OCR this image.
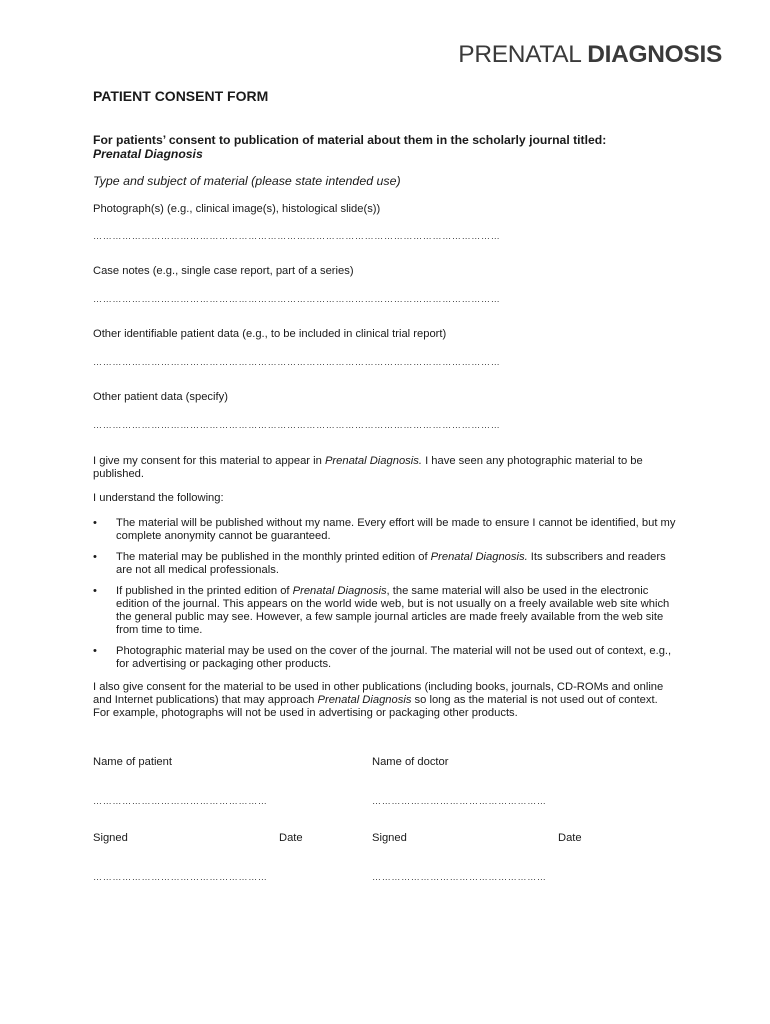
PRENATAL DIAGNOSIS
PATIENT CONSENT FORM
For patients’ consent to publication of material about them in the scholarly journal titled:
Prenatal Diagnosis
Type and subject of material (please state intended use)
Photograph(s) (e.g., clinical image(s), histological slide(s))
………………………………………………………………………………………………………………
Case notes (e.g., single case report, part of a series)
………………………………………………………………………………………………………………
Other identifiable patient data (e.g., to be included in clinical trial report)
………………………………………………………………………………………………………………
Other patient data (specify)
………………………………………………………………………………………………………………
I give my consent for this material to appear in Prenatal Diagnosis. I have seen any photographic material to be published.
I understand the following:
• The material will be published without my name. Every effort will be made to ensure I cannot be identified, but my complete anonymity cannot be guaranteed.
• The material may be published in the monthly printed edition of Prenatal Diagnosis. Its subscribers and readers are not all medical professionals.
• If published in the printed edition of Prenatal Diagnosis, the same material will also be used in the electronic edition of the journal. This appears on the world wide web, but is not usually on a freely available web site which the general public may see. However, a few sample journal articles are made freely available from the web site from time to time.
• Photographic material may be used on the cover of the journal. The material will not be used out of context, e.g., for advertising or packaging other products.
I also give consent for the material to be used in other publications (including books, journals, CD-ROMs and online and Internet publications) that may approach Prenatal Diagnosis so long as the material is not used out of context. For example, photographs will not be used in advertising or packaging other products.
Name of patient	Name of doctor
………………………………………………	………………………………………………
Signed	Date	Signed	Date
………………………………………………	………………………………………………
